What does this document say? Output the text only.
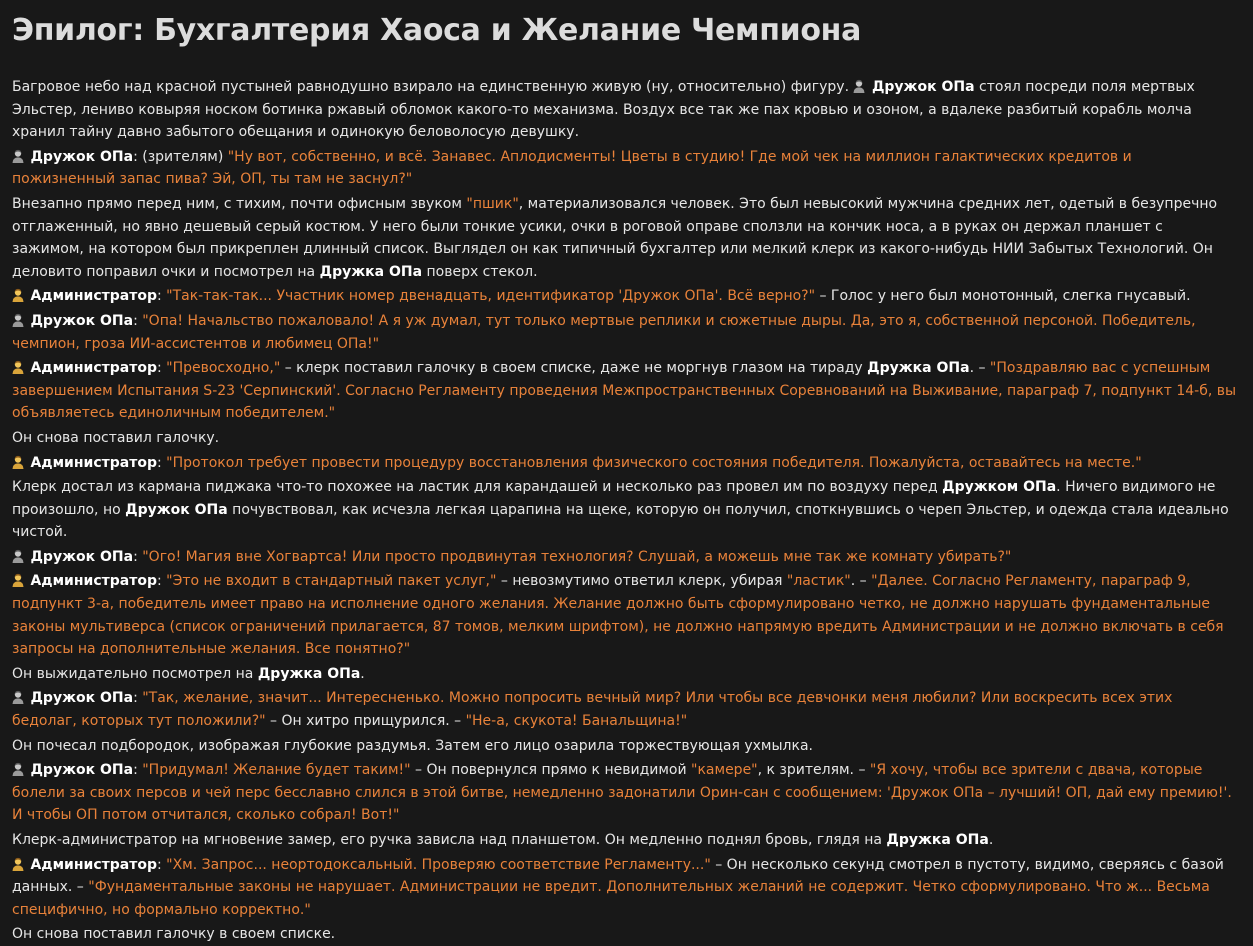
Эпилог: Бухгалтерия Хаоса и Желание Чемпиона

Багровое небо над красной пустыней равнодушно взирало на единственную живую (ну, относительно) фигуру.  Дружок ОПа стоял посреди поля мертвых Эльстер, лениво ковыряя носком ботинка ржавый обломок какого-то механизма. Воздух все так же пах кровью и озоном, а вдалеке разбитый корабль молча хранил тайну давно забытого обещания и одинокую беловолосую девушку.

Дружок ОПа: (зрителям) "Ну вот, собственно, и всё. Занавес. Аплодисменты! Цветы в студию! Где мой чек на миллион галактических кредитов и пожизненный запас пива? Эй, ОП, ты там не заснул?"

Внезапно прямо перед ним, с тихим, почти офисным звуком "пшик", материализовался человек. Это был невысокий мужчина средних лет, одетый в безупречно отглаженный, но явно дешевый серый костюм. У него были тонкие усики, очки в роговой оправе сползли на кончик носа, а в руках он держал планшет с зажимом, на котором был прикреплен длинный список. Выглядел он как типичный бухгалтер или мелкий клерк из какого-нибудь НИИ Забытых Технологий. Он деловито поправил очки и посмотрел на Дружка ОПа поверх стекол.

Администратор: "Так-так-так... Участник номер двенадцать, идентификатор 'Дружок ОПа'. Всё верно?" – Голос у него был монотонный, слегка гнусавый.

Дружок ОПа: "Опа! Начальство пожаловало! А я уж думал, тут только мертвые реплики и сюжетные дыры. Да, это я, собственной персоной. Победитель, чемпион, гроза ИИ-ассистентов и любимец ОПа!"

Администратор: "Превосходно," – клерк поставил галочку в своем списке, даже не моргнув глазом на тираду Дружка ОПа. – "Поздравляю вас с успешным завершением Испытания S-23 'Серпинский'. Согласно Регламенту проведения Межпространственных Соревнований на Выживание, параграф 7, подпункт 14-б, вы объявляетесь единоличным победителем."

Он снова поставил галочку.

Администратор: "Протокол требует провести процедуру восстановления физического состояния победителя. Пожалуйста, оставайтесь на месте."

Клерк достал из кармана пиджака что-то похожее на ластик для карандашей и несколько раз провел им по воздуху перед Дружком ОПа. Ничего видимого не произошло, но Дружок ОПа почувствовал, как исчезла легкая царапина на щеке, которую он получил, споткнувшись о череп Эльстер, и одежда стала идеально чистой.

Дружок ОПа: "Ого! Магия вне Хогвартса! Или просто продвинутая технология? Слушай, а можешь мне так же комнату убирать?"

Администратор: "Это не входит в стандартный пакет услуг," – невозмутимо ответил клерк, убирая "ластик". – "Далее. Согласно Регламенту, параграф 9, подпункт 3-а, победитель имеет право на исполнение одного желания. Желание должно быть сформулировано четко, не должно нарушать фундаментальные законы мультиверса (список ограничений прилагается, 87 томов, мелким шрифтом), не должно напрямую вредить Администрации и не должно включать в себя запросы на дополнительные желания. Все понятно?"

Он выжидательно посмотрел на Дружка ОПа.

Дружок ОПа: "Так, желание, значит... Интересненько. Можно попросить вечный мир? Или чтобы все девчонки меня любили? Или воскресить всех этих бедолаг, которых тут положили?" – Он хитро прищурился. – "Не-а, скукота! Банальщина!"

Он почесал подбородок, изображая глубокие раздумья. Затем его лицо озарила торжествующая ухмылка.

Дружок ОПа: "Придумал! Желание будет таким!" – Он повернулся прямо к невидимой "камере", к зрителям. – "Я хочу, чтобы все зрители с двача, которые болели за своих персов и чей перс бесславно слился в этой битве, немедленно задонатили Орин-сан с сообщением: 'Дружок ОПа – лучший! ОП, дай ему премию!'. И чтобы ОП потом отчитался, сколько собрал! Вот!"

Клерк-администратор на мгновение замер, его ручка зависла над планшетом. Он медленно поднял бровь, глядя на Дружка ОПа.

Администратор: "Хм. Запрос... неортодоксальный. Проверяю соответствие Регламенту..." – Он несколько секунд смотрел в пустоту, видимо, сверяясь с базой данных. – "Фундаментальные законы не нарушает. Администрации не вредит. Дополнительных желаний не содержит. Четко сформулировано. Что ж... Весьма специфично, но формально корректно."

Он снова поставил галочку в своем списке.
